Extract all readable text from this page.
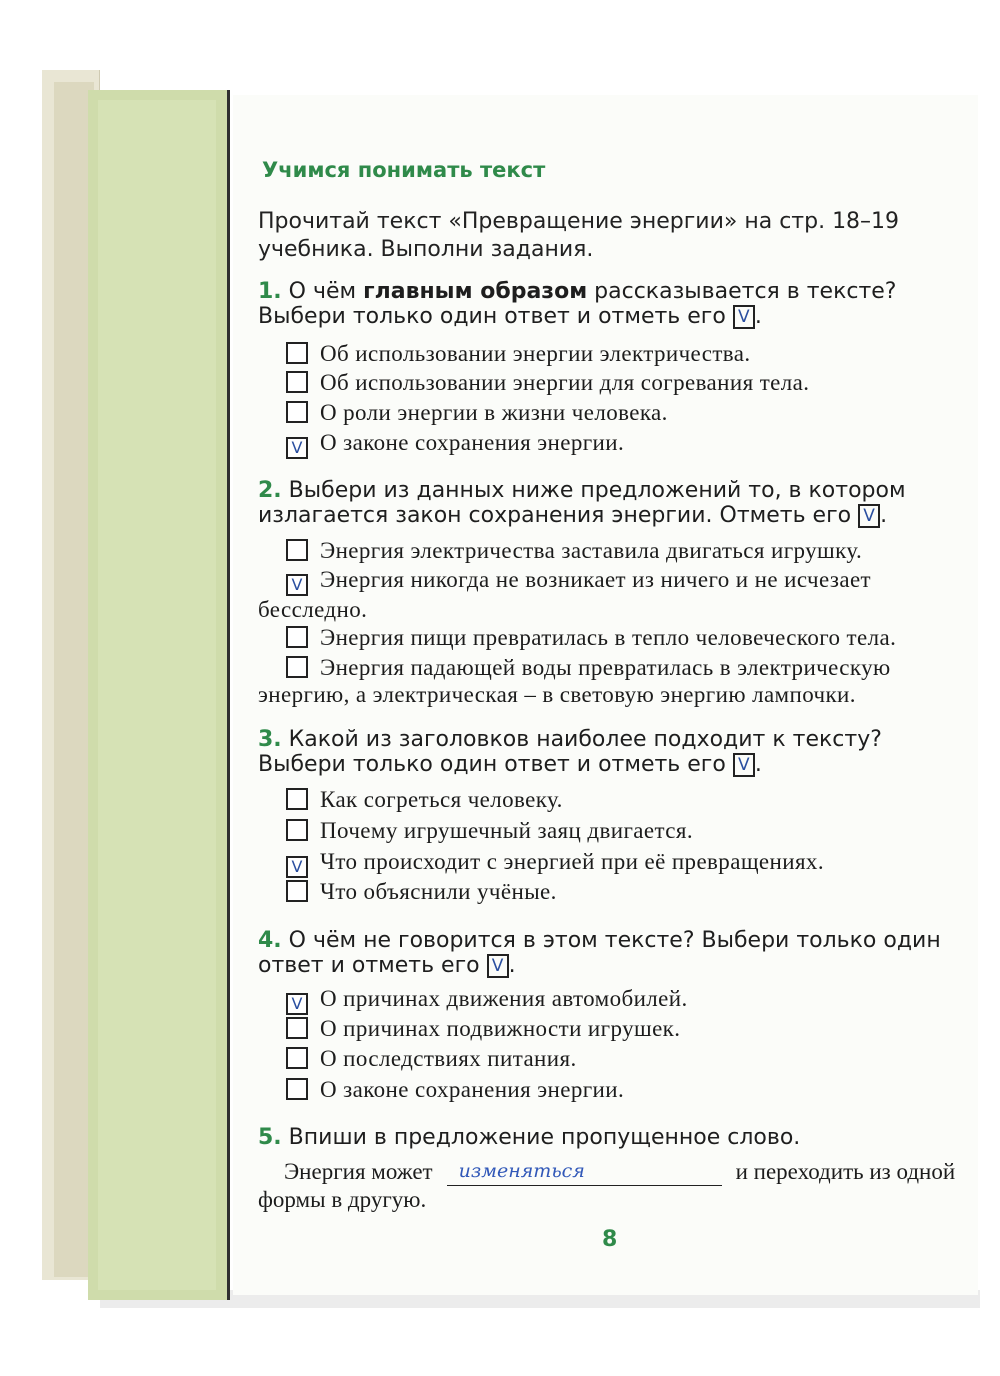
Учимся понимать текст
Прочитай текст «Превращение энергии» на стр. 18–19 учебника. Выполни задания.
1. О чём главным образом рассказывается в тексте? Выбери только один ответ и отметь его V .
Об использовании энергии электричества.
Об использовании энергии для согревания тела.
О роли энергии в жизни человека.
V О законе сохранения энергии.
2. Выбери из данных ниже предложений то, в котором излагается закон сохранения энергии. Отметь его V .
Энергия электричества заставила двигаться игрушку.
V Энергия никогда не возникает из ничего и не исчезает бесследно.
Энергия пищи превратилась в тепло человеческого тела.
Энергия падающей воды превратилась в электрическую энергию, а электрическая – в световую энергию лампочки.
3. Какой из заголовков наиболее подходит к тексту? Выбери только один ответ и отметь его V .
Как согреться человеку.
Почему игрушечный заяц двигается.
V Что происходит с энергией при её превращениях.
Что объяснили учёные.
4. О чём не говорится в этом тексте? Выбери только один ответ и отметь его V .
V О причинах движения автомобилей.
О причинах подвижности игрушек.
О последствиях питания.
О законе сохранения энергии.
5. Впиши в предложение пропущенное слово.
Энергия может изменяться	и переходить из одной формы в другую.
8
